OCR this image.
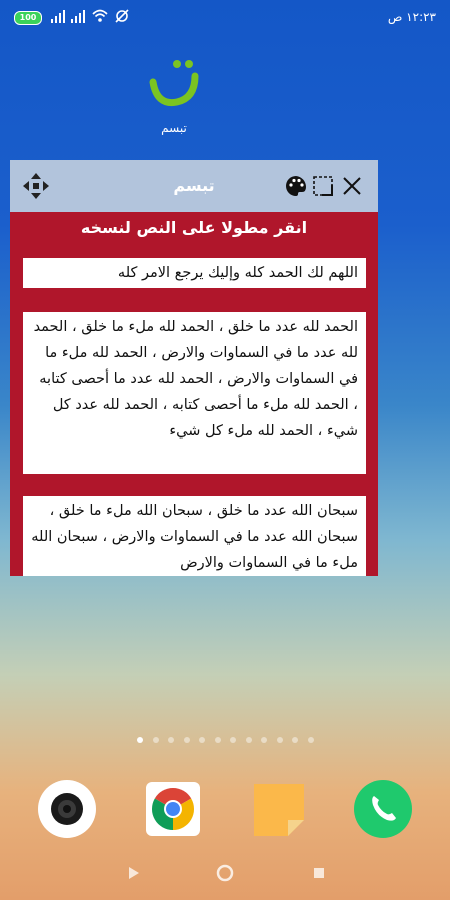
100	١٢:٢٣ ص
تبسم
تبسم
انقر مطولا على النص لنسخه
اللهم لك الحمد كله وإليك يرجع الامر كله
الحمد لله عدد ما خلق ، الحمد لله ملء ما خلق ، الحمد لله عدد ما في السماوات والارض ، الحمد لله ملء ما في السماوات والارض ، الحمد لله عدد ما أحصى كتابه ، الحمد لله ملء ما أحصى كتابه ، الحمد لله عدد كل شيء ، الحمد لله ملء كل شيء
سبحان الله عدد ما خلق ، سبحان الله ملء ما خلق ، سبحان الله عدد ما في السماوات والارض ، سبحان الله ملء ما في السماوات والارض
